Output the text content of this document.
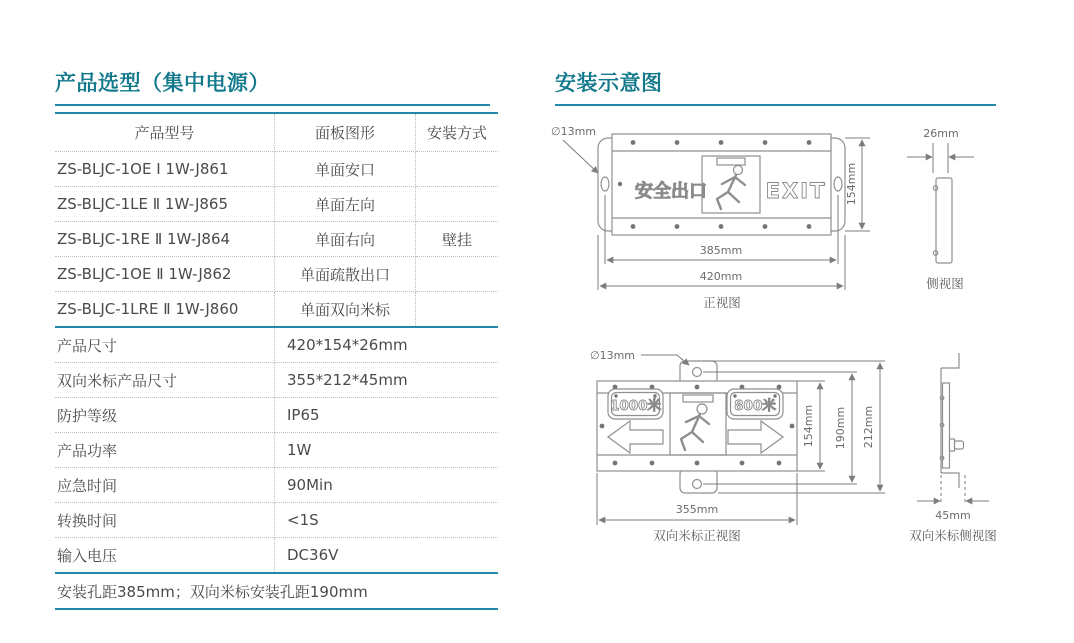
产品选型（集中电源）
产品型号	面板图形	安装方式
ZS-BLJC-1OE Ⅰ 1W-J861	单面安口	
ZS-BLJC-1LE Ⅱ 1W-J865	单面左向	
ZS-BLJC-1RE Ⅱ 1W-J864	单面右向	壁挂
ZS-BLJC-1OE Ⅱ 1W-J862	单面疏散出口	
ZS-BLJC-1LRE Ⅱ 1W-J860	单面双向米标	
产品尺寸	420*154*26mm	
双向米标产品尺寸	355*212*45mm	
防护等级	IP65	
产品功率	1W	
应急时间	90Min	
转换时间	<1S	
输入电压	DC36V	
安装孔距385mm；双向米标安装孔距190mm		
安装示意图
安全出口	EXIT
∅13mm
154mm
385mm
420mm
正视图
26mm
侧视图
1000米	800米
∅13mm
154mm 190mm 212mm
355mm
双向米标正视图
45mm
双向米标侧视图
